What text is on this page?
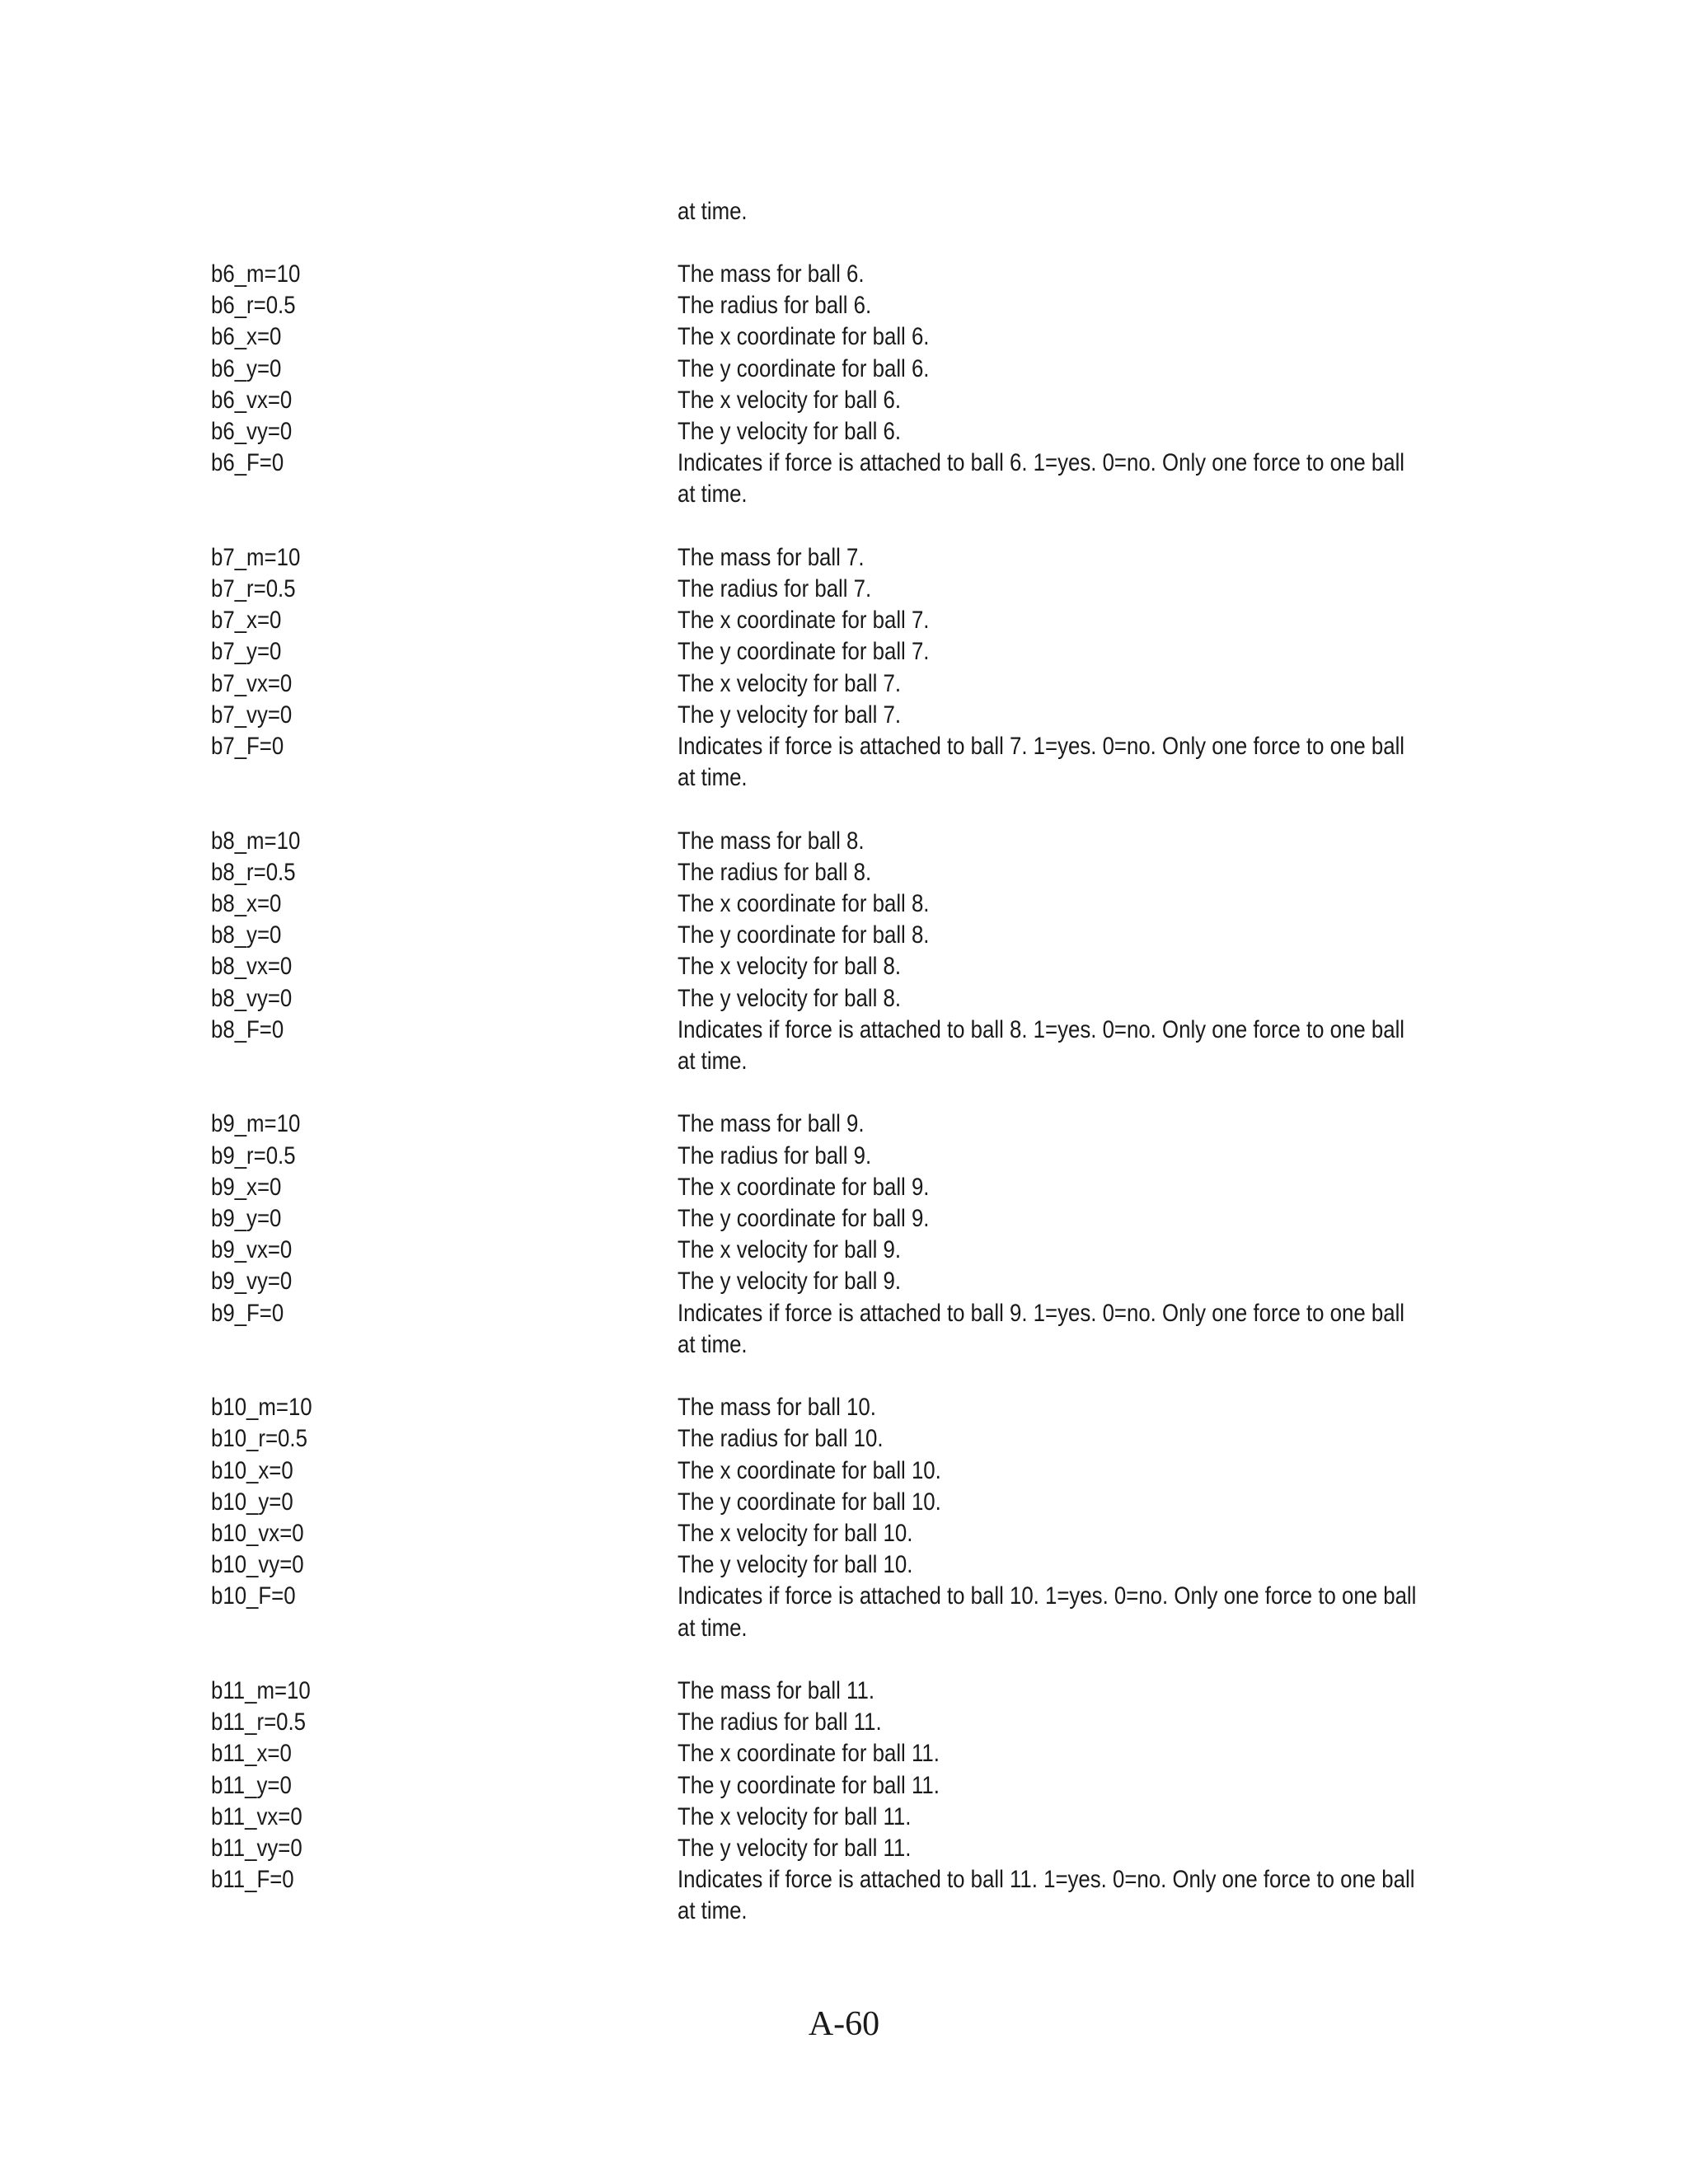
at time.
b6_m=10	The mass for ball 6.
b6_r=0.5	The radius for ball 6.
b6_x=0	The x coordinate for ball 6.
b6_y=0	The y coordinate for ball 6.
b6_vx=0	The x velocity for ball 6.
b6_vy=0	The y velocity for ball 6.
b6_F=0	Indicates if force is attached to ball 6. 1=yes. 0=no. Only one force to one ball
at time.
b7_m=10	The mass for ball 7.
b7_r=0.5	The radius for ball 7.
b7_x=0	The x coordinate for ball 7.
b7_y=0	The y coordinate for ball 7.
b7_vx=0	The x velocity for ball 7.
b7_vy=0	The y velocity for ball 7.
b7_F=0	Indicates if force is attached to ball 7. 1=yes. 0=no. Only one force to one ball
at time.
b8_m=10	The mass for ball 8.
b8_r=0.5	The radius for ball 8.
b8_x=0	The x coordinate for ball 8.
b8_y=0	The y coordinate for ball 8.
b8_vx=0	The x velocity for ball 8.
b8_vy=0	The y velocity for ball 8.
b8_F=0	Indicates if force is attached to ball 8. 1=yes. 0=no. Only one force to one ball
at time.
b9_m=10	The mass for ball 9.
b9_r=0.5	The radius for ball 9.
b9_x=0	The x coordinate for ball 9.
b9_y=0	The y coordinate for ball 9.
b9_vx=0	The x velocity for ball 9.
b9_vy=0	The y velocity for ball 9.
b9_F=0	Indicates if force is attached to ball 9. 1=yes. 0=no. Only one force to one ball
at time.
b10_m=10	The mass for ball 10.
b10_r=0.5	The radius for ball 10.
b10_x=0	The x coordinate for ball 10.
b10_y=0	The y coordinate for ball 10.
b10_vx=0	The x velocity for ball 10.
b10_vy=0	The y velocity for ball 10.
b10_F=0	Indicates if force is attached to ball 10. 1=yes. 0=no. Only one force to one ball
at time.
b11_m=10	The mass for ball 11.
b11_r=0.5	The radius for ball 11.
b11_x=0	The x coordinate for ball 11.
b11_y=0	The y coordinate for ball 11.
b11_vx=0	The x velocity for ball 11.
b11_vy=0	The y velocity for ball 11.
b11_F=0	Indicates if force is attached to ball 11. 1=yes. 0=no. Only one force to one ball
at time.
A-60
